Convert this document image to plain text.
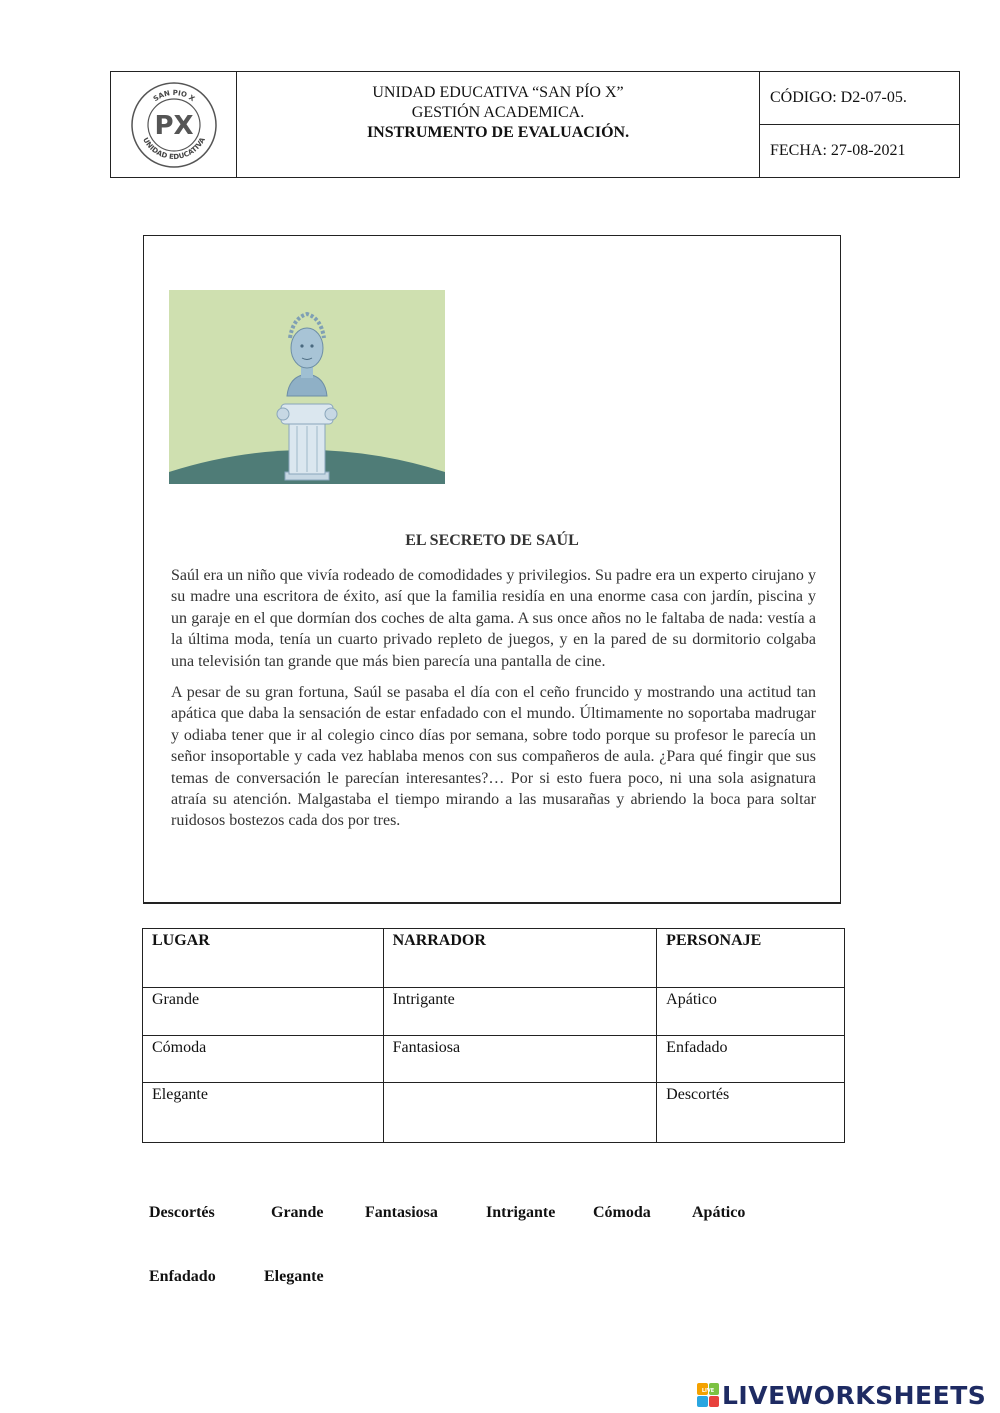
SAN PIO X
UNIDAD EDUCATIVA
PX
UNIDAD EDUCATIVA “SAN PÍO X”
GESTIÓN ACADEMICA.
INSTRUMENTO DE EVALUACIÓN.
CÓDIGO: D2-07-05.
FECHA: 27-08-2021
EL SECRETO DE SAÚL

Saúl era un niño que vivía rodeado de comodidades y privilegios. Su padre era un experto cirujano y su madre una escritora de éxito, así que la familia residía en una enorme casa con jardín, piscina y un garaje en el que dormían dos coches de alta gama. A sus once años no le faltaba de nada: vestía a la última moda, tenía un cuarto privado repleto de juegos, y en la pared de su dormitorio colgaba una televisión tan grande que más bien parecía una pantalla de cine.

A pesar de su gran fortuna, Saúl se pasaba el día con el ceño fruncido y mostrando una actitud tan apática que daba la sensación de estar enfadado con el mundo. Últimamente no soportaba madrugar y odiaba tener que ir al colegio cinco días por semana, sobre todo porque su profesor le parecía un señor insoportable y cada vez hablaba menos con sus compañeros de aula. ¿Para qué fingir que sus temas de conversación le parecían interesantes?… Por si esto fuera poco, ni una sola asignatura atraía su atención. Malgastaba el tiempo mirando a las musarañas y abriendo la boca para soltar ruidosos bostezos cada dos por tres.

LUGAR	NARRADOR	PERSONAJE
Grande	Intrigante	Apático
Cómoda	Fantasiosa	Enfadado
Elegante		Descortés
Descortés	Grande	Fantasiosa	Intrigante Cómoda	Apático
Enfadado	Elegante
LIVE LIVEWORKSHEETS
